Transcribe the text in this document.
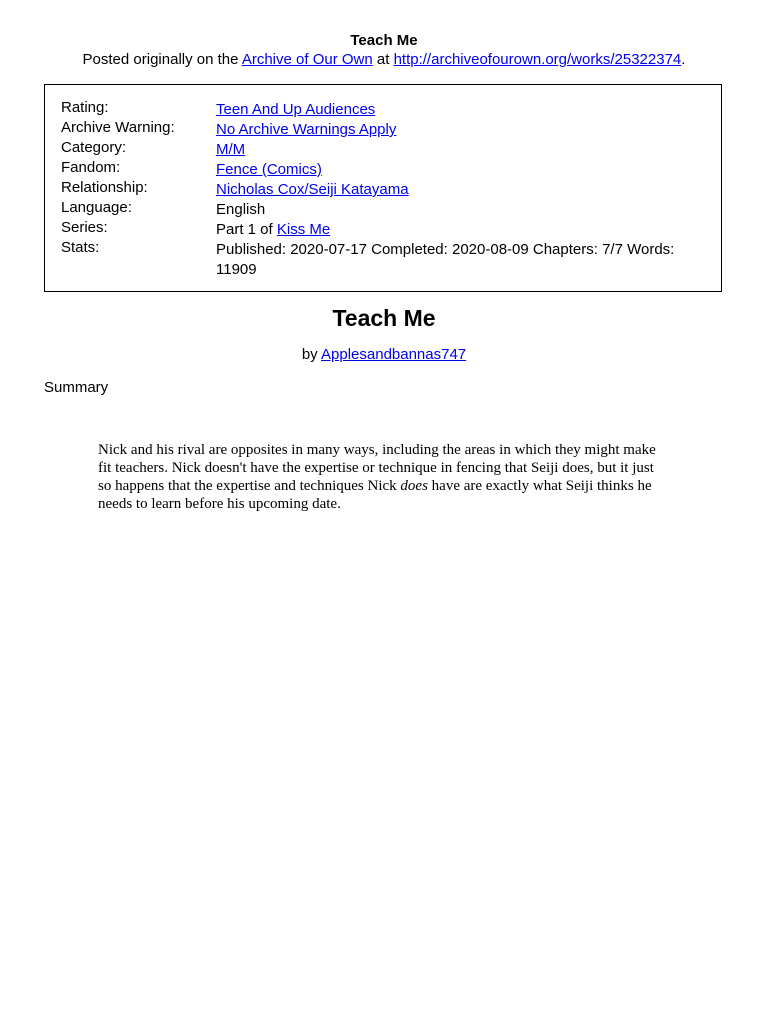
Teach Me
Posted originally on the Archive of Our Own at http://archiveofourown.org/works/25322374.
Rating:	Teen And Up Audiences
Archive Warning:	No Archive Warnings Apply
Category:	M/M
Fandom:	Fence (Comics)
Relationship:	Nicholas Cox/Seiji Katayama
Language:	English
Series:	Part 1 of Kiss Me
Stats:	Published: 2020-07-17 Completed: 2020-08-09 Chapters: 7/7 Words: 11909
Teach Me
by Applesandbannas747
Summary
Nick and his rival are opposites in many ways, including the areas in which they might make fit teachers. Nick doesn't have the expertise or technique in fencing that Seiji does, but it just so happens that the expertise and techniques Nick does have are exactly what Seiji thinks he needs to learn before his upcoming date.
